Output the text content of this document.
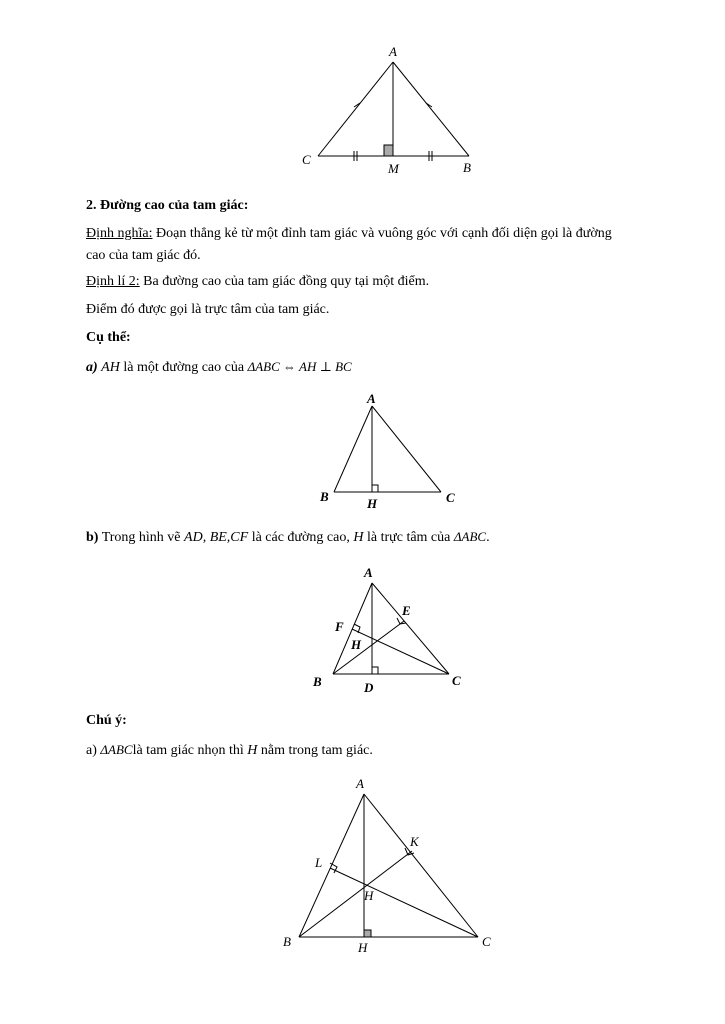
A
C
M	B
2. Đường cao của tam giác:
Định nghĩa: Đoạn thẳng kẻ từ một đỉnh tam giác và vuông góc với cạnh đối diện gọi là đường
cao của tam giác đó.
Định lí 2: Ba đường cao của tam giác đồng quy tại một điểm.
Điểm đó được gọi là trực tâm của tam giác.
Cụ thể:
a) AH là một đường cao của ΔABC ⇔ AH ⊥ BC
A
B	H	C
b) Trong hình vẽ AD, BE,CF là các đường cao, H là trực tâm của ΔABC.
A
E
F
H
B	D	C
Chú ý:
a) ΔABClà tam giác nhọn thì H nằm trong tam giác.
A
K
L
H
B	H	C
